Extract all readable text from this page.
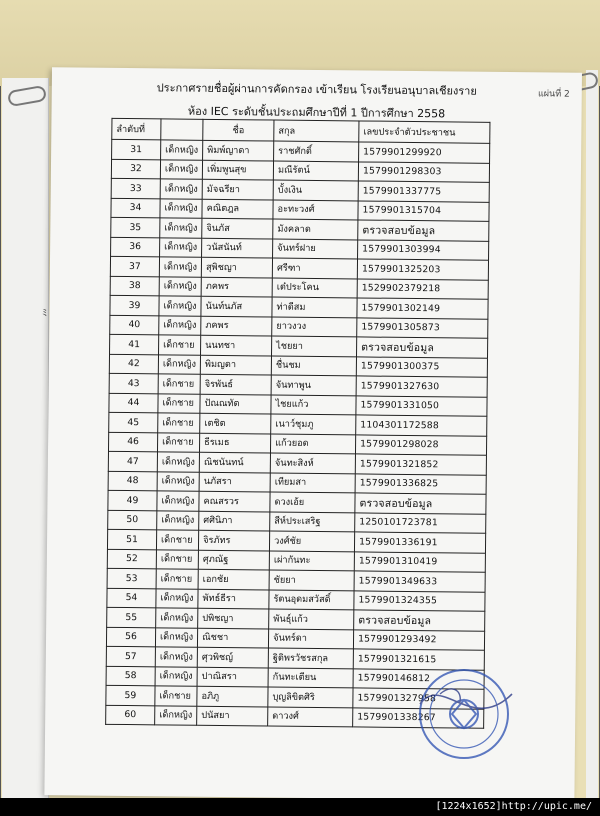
ﾐ
แผ่นที่ 2
ประกาศรายชื่อผู้ผ่านการคัดกรอง เข้าเรียน โรงเรียนอนุบาลเชียงราย
ห้อง IEC ระดับชั้นประถมศึกษาปีที่ 1 ปีการศึกษา 2558
ลำดับที่		ชื่อ	สกุล	เลขประจำตัวประชาชน
31	เด็กหญิง	พิมพ์ญาดา	ราชศักดิ์	1579901299920
32	เด็กหญิง	เพิ่มพูนสุข	มณีรัตน์	1579901298303
33	เด็กหญิง	มัจฉรียา	บั้งเงิน	1579901337775
34	เด็กหญิง	คณิตฎล	อะทะวงศ์	1579901315704
35	เด็กหญิง	จินภัส	มังคลาด	ตรวจสอบข้อมูล
36	เด็กหญิง	วนัสนันท์	จันทร์ฝาย	1579901303994
37	เด็กหญิง	สุพิชญา	ศรีฑา	1579901325203
38	เด็กหญิง	ภคพร	เต๋ประโคน	1529902379218
39	เด็กหญิง	นันท์นภัส	ท่าดีสม	1579901302149
40	เด็กหญิง	ภคพร	ยาวงวง	1579901305873
41	เด็กชาย	นนทชา	ไชยยา	ตรวจสอบข้อมูล
42	เด็กหญิง	พิมญดา	ชื่นชม	1579901300375
43	เด็กชาย	จิรพันธ์	จันทาพูน	1579901327630
44	เด็กชาย	ปัณณทัต	ไชยแก้ว	1579901331050
45	เด็กชาย	เตชิต	เนาว์ชุมภู	1104301172588
46	เด็กชาย	ธีรเมธ	แก้วยอด	1579901298028
47	เด็กหญิง	ณิชนันทน์	จันทะสิงห์	1579901321852
48	เด็กหญิง	นภัสรา	เทียมสา	1579901336825
49	เด็กหญิง	คณสรวร	ดวงเอ้ย	ตรวจสอบข้อมูล
50	เด็กหญิง	ศศินิภา	สีห์ประเสริฐ	1250101723781
51	เด็กชาย	จิรภัทร	วงศ์ชัย	1579901336191
52	เด็กชาย	ศุภณัฐ	เผ่ากันทะ	1579901310419
53	เด็กชาย	เอกชัย	ชัยยา	1579901349633
54	เด็กหญิง	พัทธ์ธีรา	รัตนอุดมสวัสดิ์	1579901324355
55	เด็กหญิง	ปพิชญา	พันธุ์แก้ว	ตรวจสอบข้อมูล
56	เด็กหญิง	ณิชชา	จันทร์ดา	1579901293492
57	เด็กหญิง	ศุวพิชญ์	ฐิติพรวัชรสกุล	1579901321615
58	เด็กหญิง	ปาณิสรา	กันทะเตียน	157990146812
59	เด็กชาย	อภิภู	บุญลิขิตศิริ	1579901327958
60	เด็กหญิง	ปนัสยา	ดาวงศ์	1579901338267
[1224x1652]http://upic.me/
